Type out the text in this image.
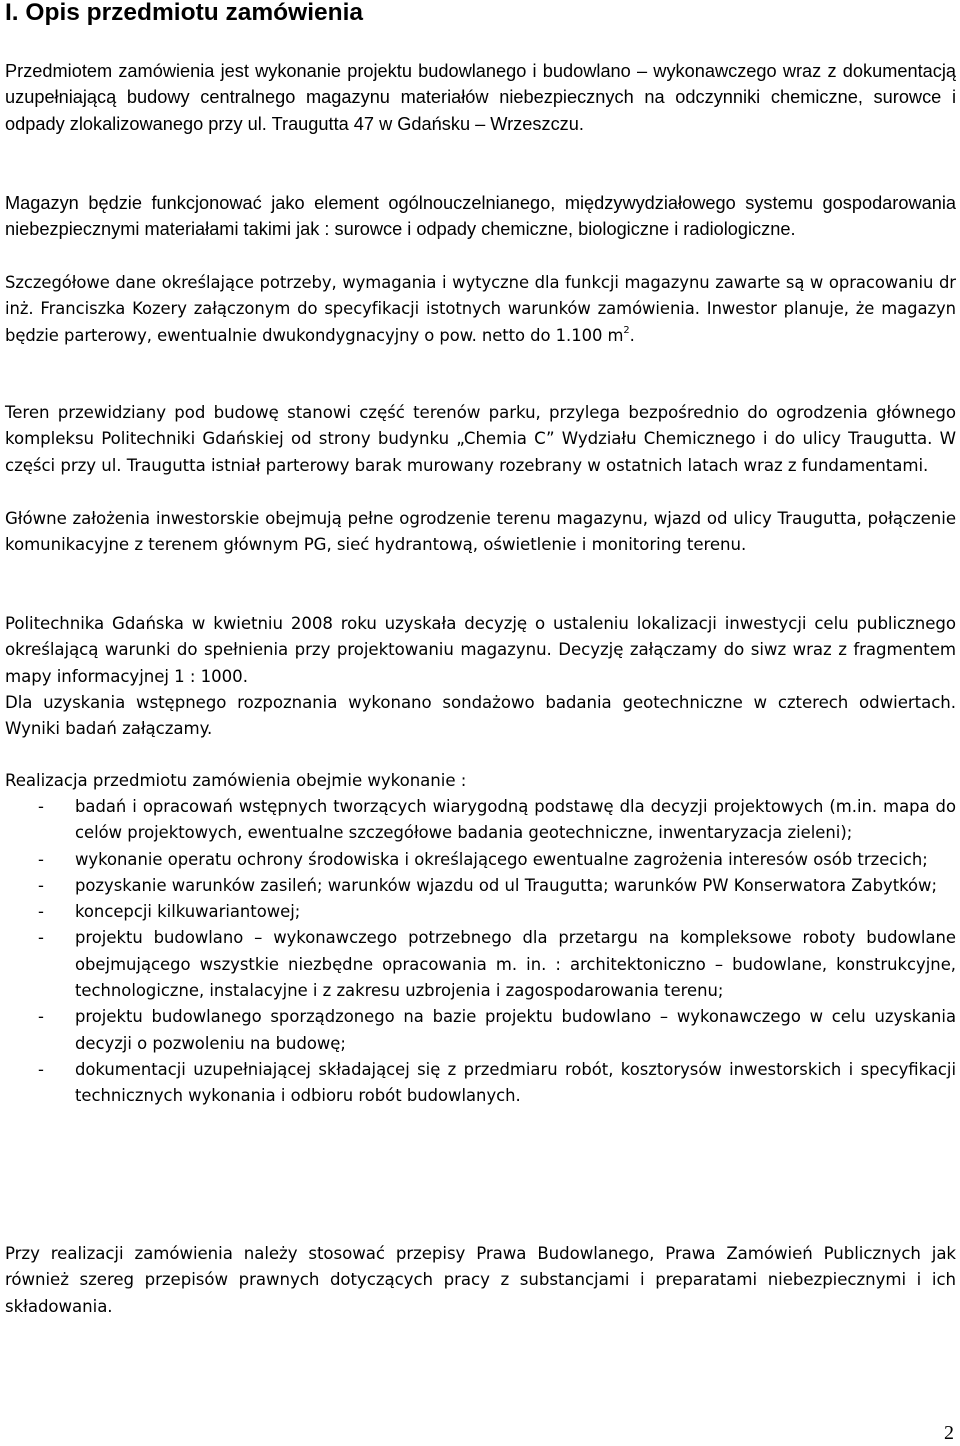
I. Opis przedmiotu zamówienia

Przedmiotem zamówienia jest wykonanie projektu budowlanego i budowlano – wykonawczego wraz z dokumentacją uzupełniającą budowy centralnego magazynu materiałów niebezpiecznych na odczynniki chemiczne, surowce i odpady zlokalizowanego przy ul. Traugutta 47 w Gdańsku – Wrzeszczu.

Magazyn będzie funkcjonować jako element ogólnouczelnianego, międzywydziałowego systemu gospodarowania niebezpiecznymi materiałami takimi jak : surowce i odpady chemiczne, biologiczne i radiologiczne.

Szczegółowe dane określające potrzeby, wymagania i wytyczne dla funkcji magazynu zawarte są w opracowaniu dr inż. Franciszka Kozery załączonym do specyfikacji istotnych warunków zamówienia. Inwestor planuje, że magazyn będzie parterowy, ewentualnie dwukondygnacyjny o pow. netto do 1.100 $m^2$.

Teren przewidziany pod budowę stanowi część terenów parku, przylega bezpośrednio do ogrodzenia głównego kompleksu Politechniki Gdańskiej od strony budynku „Chemia C” Wydziału Chemicznego i do ulicy Traugutta. W części przy ul. Traugutta istniał parterowy barak murowany rozebrany w ostatnich latach wraz z fundamentami.

Główne założenia inwestorskie obejmują pełne ogrodzenie terenu magazynu, wjazd od ulicy Traugutta, połączenie komunikacyjne z terenem głównym PG, sieć hydrantową, oświetlenie i monitoring terenu.

Politechnika Gdańska w kwietniu 2008 roku uzyskała decyzję o ustaleniu lokalizacji inwestycji celu publicznego określającą warunki do spełnienia przy projektowaniu magazynu. Decyzję załączamy do siwz wraz z fragmentem mapy informacyjnej 1 : 1000.

Dla uzyskania wstępnego rozpoznania wykonano sondażowo badania geotechniczne w czterech odwiertach. Wyniki badań załączamy.

Realizacja przedmiotu zamówienia obejmie wykonanie :

- badań i opracowań wstępnych tworzących wiarygodną podstawę dla decyzji projektowych (m.in. mapa do celów projektowych, ewentualne szczegółowe badania geotechniczne, inwentaryzacja zieleni);
- wykonanie operatu ochrony środowiska i określającego ewentualne zagrożenia interesów osób trzecich;
- pozyskanie warunków zasileń; warunków wjazdu od ul Traugutta; warunków PW Konserwatora Zabytków;
- koncepcji kilkuwariantowej;
- projektu budowlano – wykonawczego potrzebnego dla przetargu na kompleksowe roboty budowlane obejmującego wszystkie niezbędne opracowania m. in. : architektoniczno – budowlane, konstrukcyjne, technologiczne, instalacyjne i z zakresu uzbrojenia i zagospodarowania terenu;
- projektu budowlanego sporządzonego na bazie projektu budowlano – wykonawczego w celu uzyskania decyzji o pozwoleniu na budowę;
- dokumentacji uzupełniającej składającej się z przedmiaru robót, kosztorysów inwestorskich i specyfikacji technicznych wykonania i odbioru robót budowlanych.

Przy realizacji zamówienia należy stosować przepisy Prawa Budowlanego, Prawa Zamówień Publicznych jak również szereg przepisów prawnych dotyczących pracy z substancjami i preparatami niebezpiecznymi i ich składowania.

2
